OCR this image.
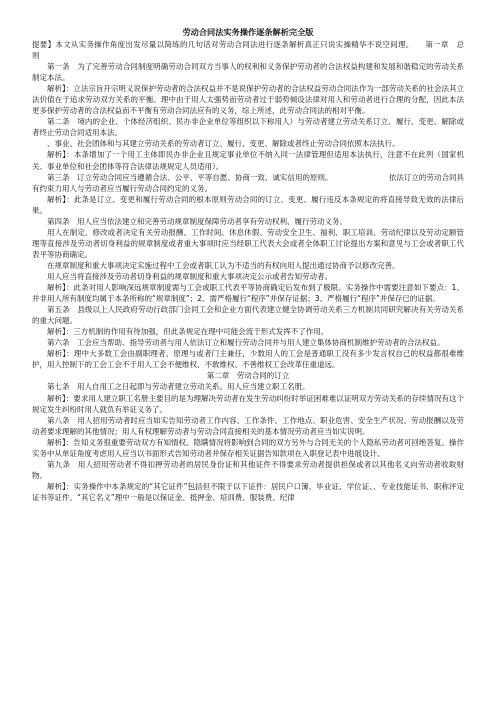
劳动合同法实务操作逐条解析完全版

提要】本文从实务操作角度出发尽量以简练的几句话对劳动合同法进行逐条解析真正只说实操精华不说空间理。　　第一章　总　　则

第一条　为了完善劳动合同制度明确劳动合同双方当事人的权利和义务保护劳动者的合法权益构建和发展和谐稳定的劳动关系制定本法。

解析】：立法宗旨开宗明义说保护劳动者的合法权益并不是说保护劳动者的合法权益劳动合同法作为一部劳动关系的社会法其立法价值在于追求劳动双方关系的平衡。理中由于用人太强势而劳动者过于弱势倾设法律对用人和劳动者进行合理的分配，因此本法更多保护劳动者的合法权益而不平衡有劳动合同法应有的义务，综上所述，此劳动合同法的相对平衡。

第二条　境内的企业、个体经济组织、民办非企业单位等组织以下称用人）与劳动者建立劳动关系订立、履行、变更、解除或者终止劳动合同适用本法。

、事业、社会团体和与其建立劳动关系的劳动者订立、履行、变更、解除或者终止劳动合同依照本法执行。

解析】：本条增加了一个用工主体即民办非企业且规定事业单位不纳入同一法律管理但适用本法执行，注意不在此列（国家机关、事业单位和社会团体等符合法律法规规定人员适用）。

第三条　订立劳动合同应当遵循合法、公平、平等自愿、协商一致、诚实信用的原则。　　　　　　　　依法订立的劳动合同具有约束力用人与劳动者应当履行劳动合同约定的义务。

解析】：此条是订立、变更和履行劳动合同的根本原则劳动合同的订立、变更、履行违反本条规定的将直接导致无效的法律后果。

第四条　用人应当依法建立和完善劳动规章制度保障劳动者享有劳动权利、履行劳动义务。

用人在制定、修改或者决定有关劳动报酬、工作时间、休息休假、劳动安全卫生、福利、职工培训、劳动纪律以及劳动定额管理等直接涉及劳动者切身利益的规章制度或者重大事项时应当经职工代表大会或者全体职工讨论提出方案和意见与工会或者职工代表平等协商确定。

在规章制度和重大事项决定实施过程中工会或者职工认为不适当的有权向用人提出通过协商予以修改完善。

用人应当将直接涉及劳动者切身利益的规章制度和重大事项决定公示或者告知劳动者。

解析】：此条对用人影响深远规章制度需与工会或职工代表平等协商确定后发布到了极限。实务操作中需要注意如下要点：1、并非用人所有制度均属于本条所称的“规章制度”；2、需严格履行“程序”并保存证据；3、严格履行“程序”并保存已的证据。

第五条　县级以上人民政府劳动行政部门会同工会和企业方面代表建立健全协调劳动关系三方机制共同研究解决有关劳动关系的重大问题。

解析】：三方机制的作用有待加强，但此条规定在理中可能会流于形式发挥不了作用。

第六条　工会应当帮助、指导劳动者与用人依法订立和履行劳动合同并与用人建立集体协商机制维护劳动者的合法权益。

解析】：理中大多数工会由副职理者、原理与或者门主兼任，少数用人的工会是普通职工没有多少发言权自己的权益都很难维护，用人控制下的工会工会不于用人工会不便维权、不敢维权、不善维权工会改革任重道远。

第二章　劳动合同的订立

第七条　用人自用工之日起即与劳动者建立劳动关系。用人应当建立职工名册。

解析】：要求用人建立职工名册主要目的是为理解决劳动者在发生劳动纠纷时举证困难难以证明双方劳动关系的存续情况有这个规定发生纠纷时用人就负有举证义务了。

第八条　用人招用劳动者时应当如实告知劳动者工作内容、工作条件、工作地点、职业危害、安全生产状况、劳动报酬以及劳动者要求理解的其他情况；用人有权理解劳动者与劳动合同直接相关的基本情况劳动者应当如实说明。

解析】：告知义务很重要劳动双方有知情权。隐瞒情况将影响到合同的双方另外与合同无关的个人隐私劳动者可回绝答复。操作实务中从单证角度考虑用人应当以书面形式告知劳动者并保存相关证据告知款项在入职登记表中进展设计。

第九条　用人招用劳动者不得扣押劳动者的居民身份证和其他证件不得要求劳动者提供担保或者以其他名义向劳动者收取财物。

解析】：实务操作中本条规定的“其它证件”包括但不限于以下证件：居民户口簿、毕业证、学位证、、专业技能证书、职称评定证书等证件。“其它名义”理中一般是以保证金、抵押金、培训费、服装费、纪律
